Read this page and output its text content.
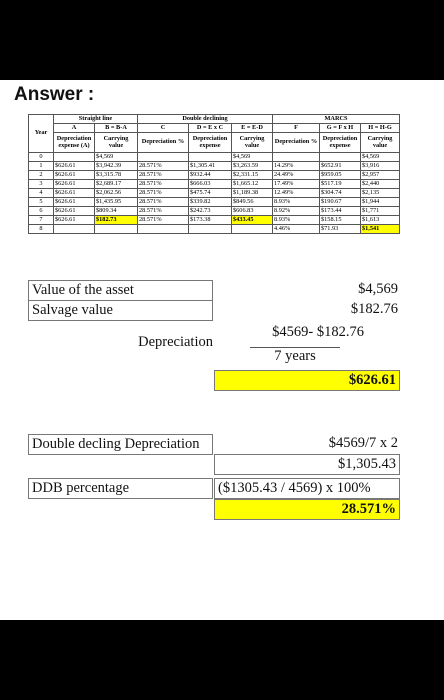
Answer :
Year	Straight line		Double declining			MARCS		
	A	B = B-A	C	D = E x C	E = E-D	F	G = F x H	H = H-G
	Depreciation expense (A)	Carrying value	Depreciation %	Depreciation expense	Carrying value	Depreciation %	Depreciation expense	Carrying value
0		$4,569			$4,569			$4,569
1	$626.61	$3,942.39	28.571%	$1,305.41	$3,263.59	14.29%	$652.91	$3,916
2	$626.61	$3,315.78	28.571%	$932.44	$2,331.15	24.49%	$959.05	$2,957
3	$626.61	$2,689.17	28.571%	$666.03	$1,665.12	17.49%	$517.19	$2,440
4	$626.61	$2,062.56	28.571%	$475.74	$1,189.38	12.49%	$304.74	$2,135
5	$626.61	$1,435.95	28.571%	$339.82	$849.56	8.93%	$190.67	$1,944
6	$626.61	$809.34	28.571%	$242.73	$606.83	8.92%	$173.44	$1,771
7	$626.61	$182.73	28.571%	$173.38	$433.45	8.93%	$158.15	$1,613
8						4.46%	$71.93	$1,541
Value of the asset	$4,569
Salvage value	$182.76
$4569- $182.76
Depreciation
7 years
$626.61
Double decling Depreciation	$4569/7 x 2
$1,305.43
DDB percentage	($1305.43 / 4569) x 100%
28.571%
